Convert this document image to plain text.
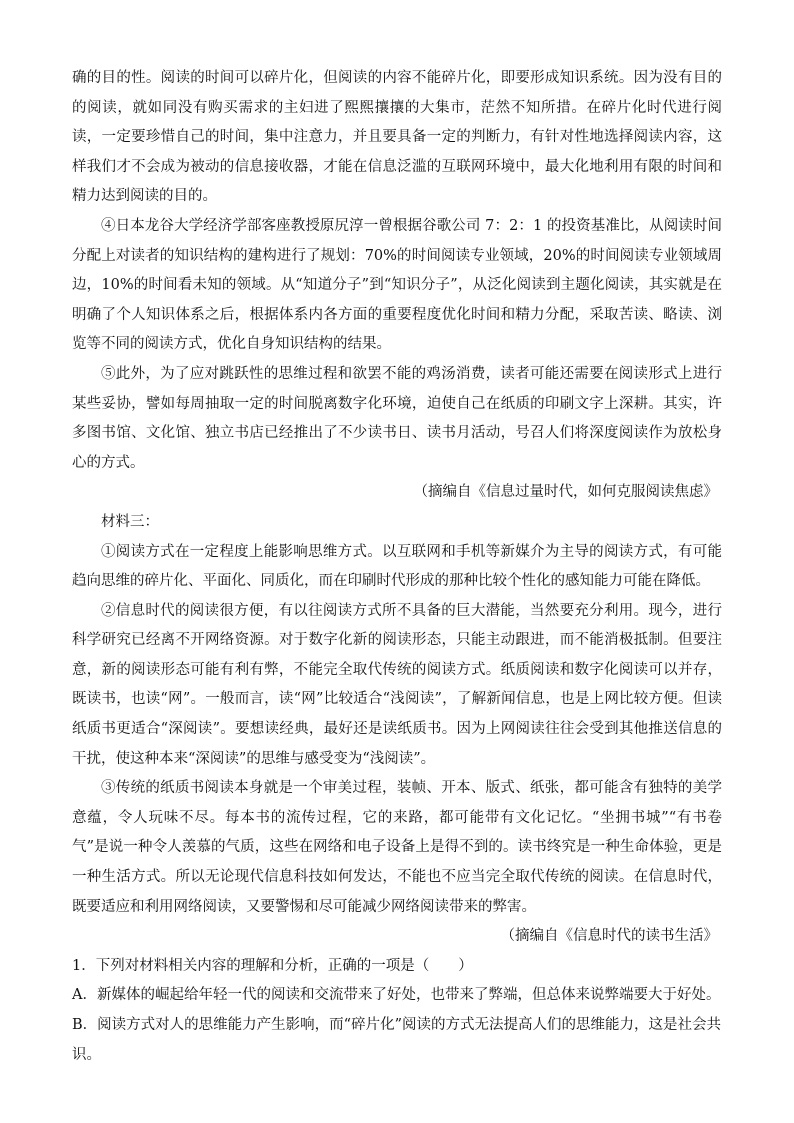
确的目的性。阅读的时间可以碎片化，但阅读的内容不能碎片化，即要形成知识系统。因为没有目的的阅读，就如同没有购买需求的主妇进了熙熙攘攘的大集市，茫然不知所措。在碎片化时代进行阅读，一定要珍惜自己的时间，集中注意力，并且要具备一定的判断力，有针对性地选择阅读内容，这样我们才不会成为被动的信息接收器，才能在信息泛滥的互联网环境中，最大化地利用有限的时间和精力达到阅读的目的。

④日本龙谷大学经济学部客座教授原尻淳一曾根据谷歌公司 7：2：1 的投资基准比，从阅读时间分配上对读者的知识结构的建构进行了规划：70%的时间阅读专业领域，20%的时间阅读专业领域周边，10%的时间看未知的领域。从“知道分子”到“知识分子”，从泛化阅读到主题化阅读，其实就是在明确了个人知识体系之后，根据体系内各方面的重要程度优化时间和精力分配，采取苦读、略读、浏览等不同的阅读方式，优化自身知识结构的结果。

⑤此外，为了应对跳跃性的思维过程和欲罢不能的鸡汤消费，读者可能还需要在阅读形式上进行某些妥协，譬如每周抽取一定的时间脱离数字化环境，迫使自己在纸质的印刷文字上深耕。其实，许多图书馆、文化馆、独立书店已经推出了不少读书日、读书月活动，号召人们将深度阅读作为放松身心的方式。

（摘编自《信息过量时代，如何克服阅读焦虑》

材料三：

①阅读方式在一定程度上能影响思维方式。以互联网和手机等新媒介为主导的阅读方式，有可能趋向思维的碎片化、平面化、同质化，而在印刷时代形成的那种比较个性化的感知能力可能在降低。

②信息时代的阅读很方便，有以往阅读方式所不具备的巨大潜能，当然要充分利用。现今，进行科学研究已经离不开网络资源。对于数字化新的阅读形态，只能主动跟进，而不能消极抵制。但要注意，新的阅读形态可能有利有弊，不能完全取代传统的阅读方式。纸质阅读和数字化阅读可以并存，既读书，也读“网”。一般而言，读“网”比较适合“浅阅读”，了解新闻信息，也是上网比较方便。但读纸质书更适合“深阅读”。要想读经典，最好还是读纸质书。因为上网阅读往往会受到其他推送信息的干扰，使这种本来“深阅读”的思维与感受变为“浅阅读”。

③传统的纸质书阅读本身就是一个审美过程，装帧、开本、版式、纸张，都可能含有独特的美学意蕴，令人玩味不尽。每本书的流传过程，它的来路，都可能带有文化记忆。“坐拥书城”“有书卷气”是说一种令人羡慕的气质，这些在网络和电子设备上是得不到的。读书终究是一种生命体验，更是一种生活方式。所以无论现代信息科技如何发达，不能也不应当完全取代传统的阅读。在信息时代，既要适应和利用网络阅读，又要警惕和尽可能减少网络阅读带来的弊害。

（摘编自《信息时代的读书生活》

1．下列对材料相关内容的理解和分析，正确的一项是（　　）

A．新媒体的崛起给年轻一代的阅读和交流带来了好处，也带来了弊端，但总体来说弊端要大于好处。

B．阅读方式对人的思维能力产生影响，而“碎片化”阅读的方式无法提高人们的思维能力，这是社会共识。
